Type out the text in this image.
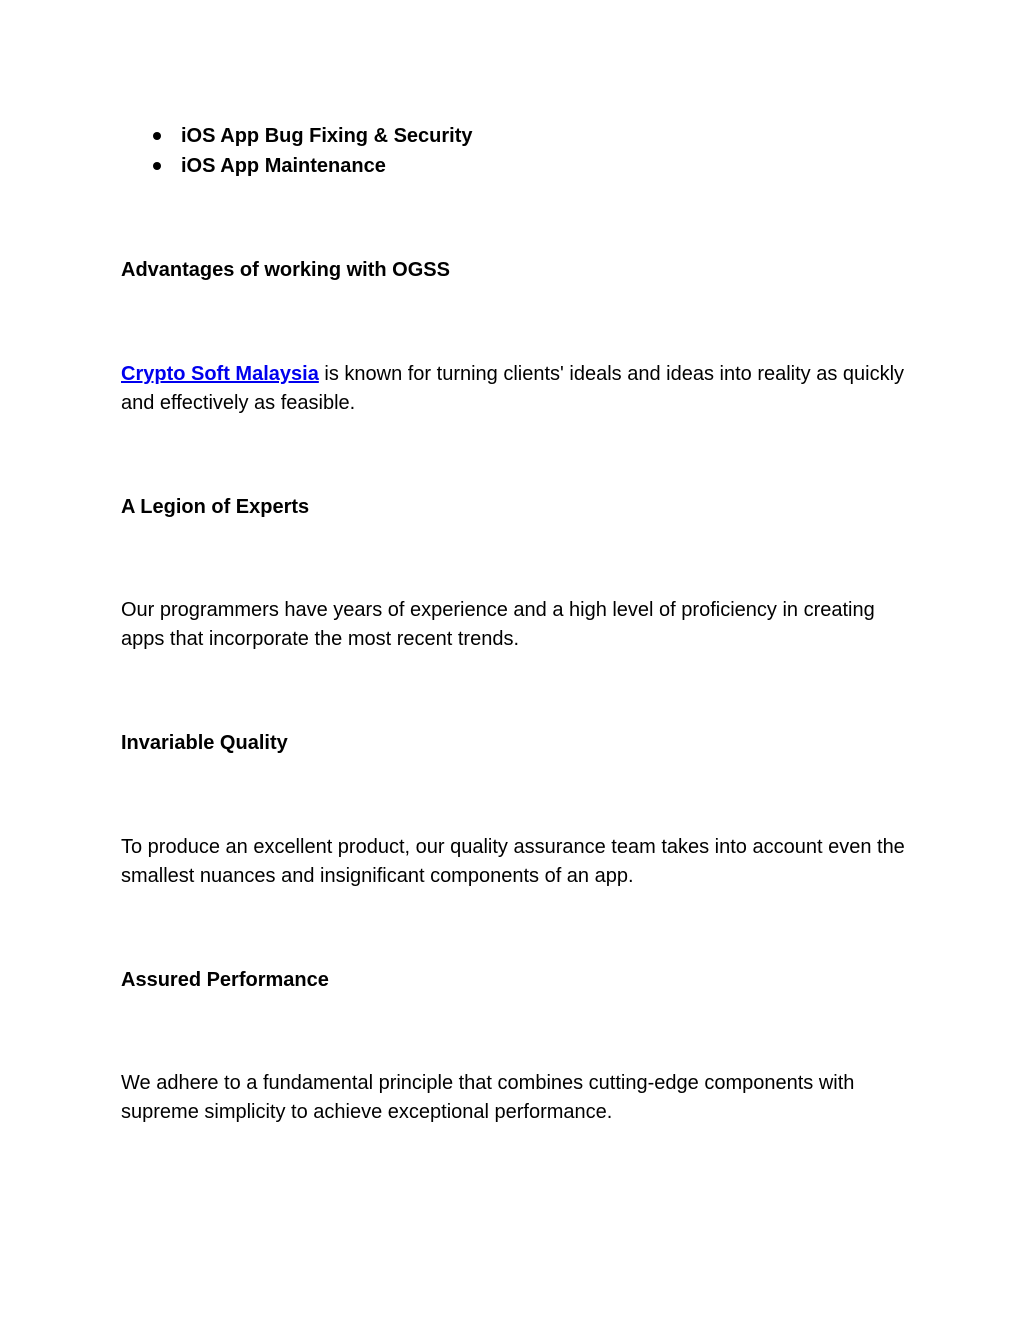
iOS App Bug Fixing & Security
iOS App Maintenance

Advantages of working with OGSS

Crypto Soft Malaysia is known for turning clients' ideals and ideas into reality as quickly and effectively as feasible.

A Legion of Experts

Our programmers have years of experience and a high level of proficiency in creating apps that incorporate the most recent trends.

Invariable Quality

To produce an excellent product, our quality assurance team takes into account even the smallest nuances and insignificant components of an app.

Assured Performance

We adhere to a fundamental principle that combines cutting-edge components with supreme simplicity to achieve exceptional performance.
